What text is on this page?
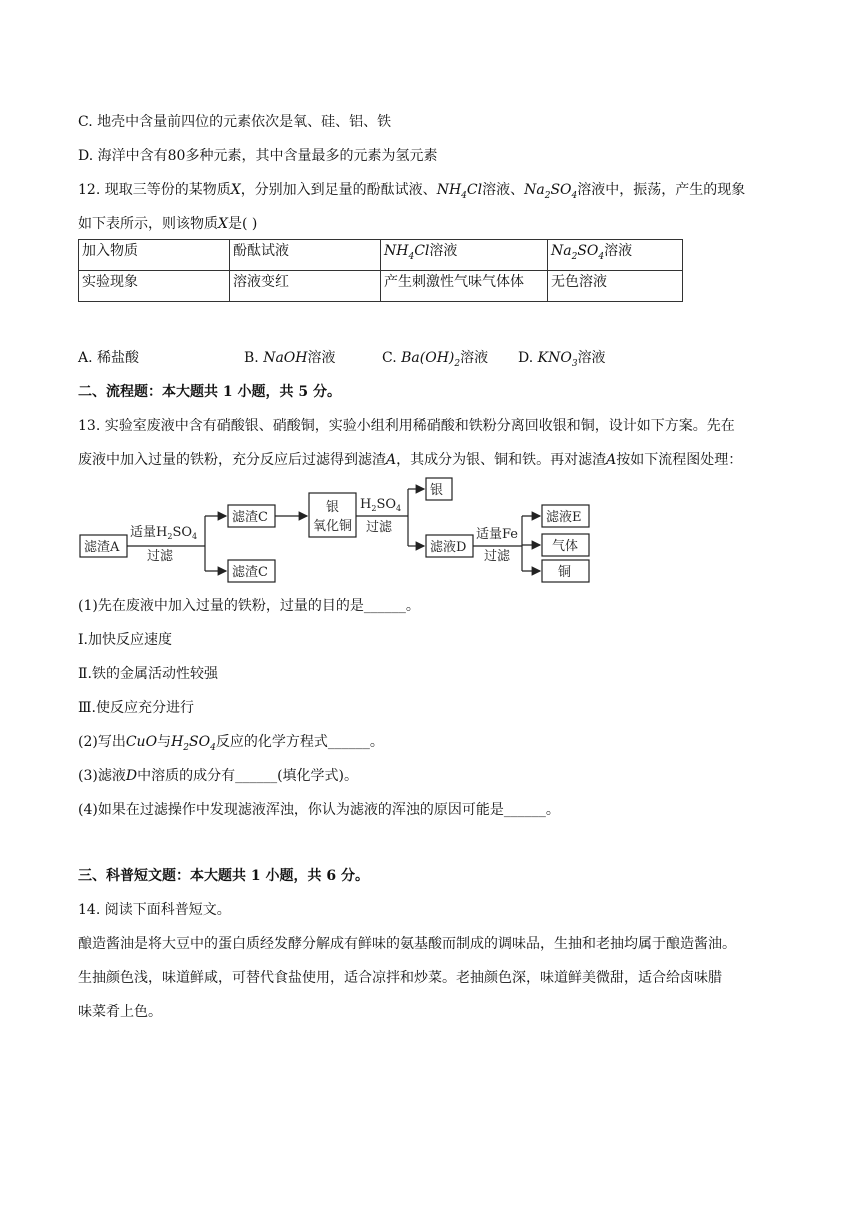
C. 地壳中含量前四位的元素依次是氧、硅、铝、铁
D. 海洋中含有80多种元素，其中含量最多的元素为氢元素
12. 现取三等份的某物质X，分别加入到足量的酚酞试液、$NH_4Cl$溶液、$Na_2SO_4$溶液中，振荡，产生的现象
如下表所示，则该物质X是( )
加入物质	酚酞试液	$NH_4Cl$溶液	$Na_2SO_4$溶液
实验现象	溶液变红	产生刺激性气味气体体	无色溶液
A. 稀盐酸	B. NaOH溶液	C. $Ba(OH)_2$溶液 D. $KNO_3$溶液
二、流程题：本大题共 1 小题，共 5 分。
13. 实验室废液中含有硝酸银、硝酸铜，实验小组利用稀硝酸和铁粉分离回收银和铜，设计如下方案。先在
废液中加入过量的铁粉，充分反应后过滤得到滤渣A，其成分为银、铜和铁。再对滤渣A按如下流程图处理：
滤渣A
适量$H_2SO_4$
过滤
滤渣C
滤渣C
银
氧化铜
$H_2SO_4$
过滤
银
滤液D
适量Fe
过滤
滤液E
气体
铜
(1)先在废液中加入过量的铁粉，过量的目的是______。
Ⅰ.加快反应速度
Ⅱ.铁的金属活动性较强
Ⅲ.使反应充分进行
(2)写出CuO与$H_2SO_4$反应的化学方程式______。
(3)滤液D中溶质的成分有______(填化学式)。
(4)如果在过滤操作中发现滤液浑浊，你认为滤液的浑浊的原因可能是______。
三、科普短文题：本大题共 1 小题，共 6 分。
14. 阅读下面科普短文。
酿造酱油是将大豆中的蛋白质经发酵分解成有鲜味的氨基酸而制成的调味品，生抽和老抽均属于酿造酱油。
生抽颜色浅，味道鲜咸，可替代食盐使用，适合凉拌和炒菜。老抽颜色深，味道鲜美微甜，适合给卤味腊
味菜肴上色。
